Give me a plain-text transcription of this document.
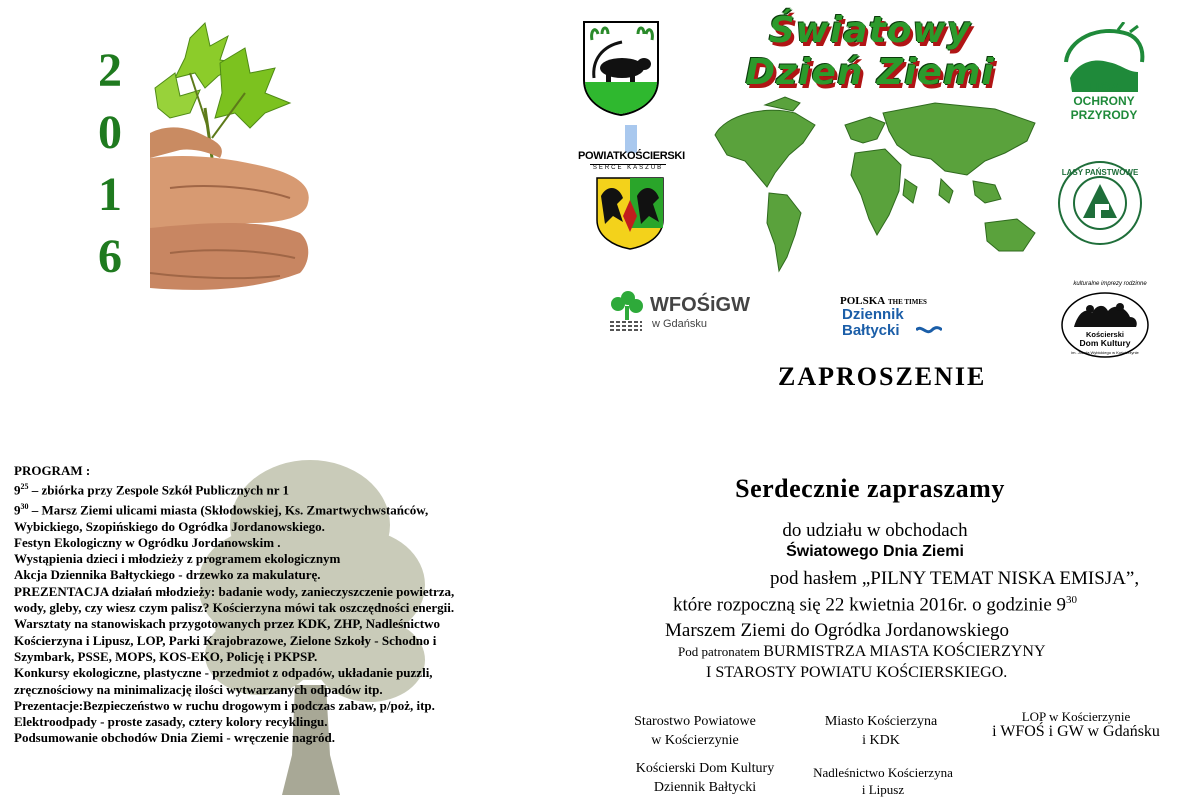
2
0
1
6
POWIATKOŚCIERSKI
SERCE KASZUB
Światowy
Dzień Ziemi	LIGA
OCHRONY
PRZYRODY
LASY PAŃSTWOWE
WFOŚiGW
w Gdańsku
POLSKA THE TIMES
Dziennik
Bałtycki
kulturalne imprezy rodzinne
Kościerski
Dom Kultury
im. Józefa Wybickiego w Kościerzynie
ZAPROSZENIE
PROGRAM :
$9^{25}$ – zbiórka przy Zespole Szkół Publicznych nr 1
$9^{30}$ – Marsz Ziemi ulicami miasta (Skłodowskiej, Ks. Zmartwychwstańców,
Wybickiego, Szopińskiego do Ogródka Jordanowskiego.
Festyn Ekologiczny w Ogródku Jordanowskim .
Wystąpienia dzieci i młodzieży z programem ekologicznym
Akcja Dziennika Bałtyckiego - drzewko za makulaturę.
PREZENTACJA działań młodzieży: badanie wody, zanieczyszczenie powietrza,
wody, gleby, czy wiesz czym palisz? Kościerzyna mówi tak oszczędności energii.
Warsztaty na stanowiskach przygotowanych przez KDK, ZHP, Nadleśnictwo
Kościerzyna i Lipusz, LOP, Parki Krajobrazowe, Zielone Szkoły - Schodno i
Szymbark, PSSE, MOPS, KOS-EKO, Policję i PKPSP.
Konkursy ekologiczne, plastyczne - przedmiot z odpadów, układanie puzzli,
zręcznościowy na minimalizację ilości wytwarzanych odpadów itp.
Prezentacje:Bezpieczeństwo w ruchu drogowym i podczas zabaw, p/poż, itp.
Elektroodpady - proste zasady, cztery kolory recyklingu.
Podsumowanie obchodów Dnia Ziemi - wręczenie nagród.
Serdecznie zapraszamy
do udziału w obchodach
Światowego Dnia Ziemi
pod hasłem „PILNY TEMAT NISKA EMISJA”,
które rozpoczną się 22 kwietnia 2016r. o godzinie $9^{30}$
Marszem Ziemi do Ogródka Jordanowskiego
Pod patronatem BURMISTRZA MIASTA KOŚCIERZYNY
I STAROSTY POWIATU KOŚCIERSKIEGO.
Starostwo Powiatowe
w Kościerzynie
Miasto Kościerzyna
i KDK
LOP w Kościerzynie
i WFOŚ i GW w Gdańsku
Kościerski Dom Kultury
Dziennik Bałtycki
Nadleśnictwo Kościerzyna
i Lipusz
